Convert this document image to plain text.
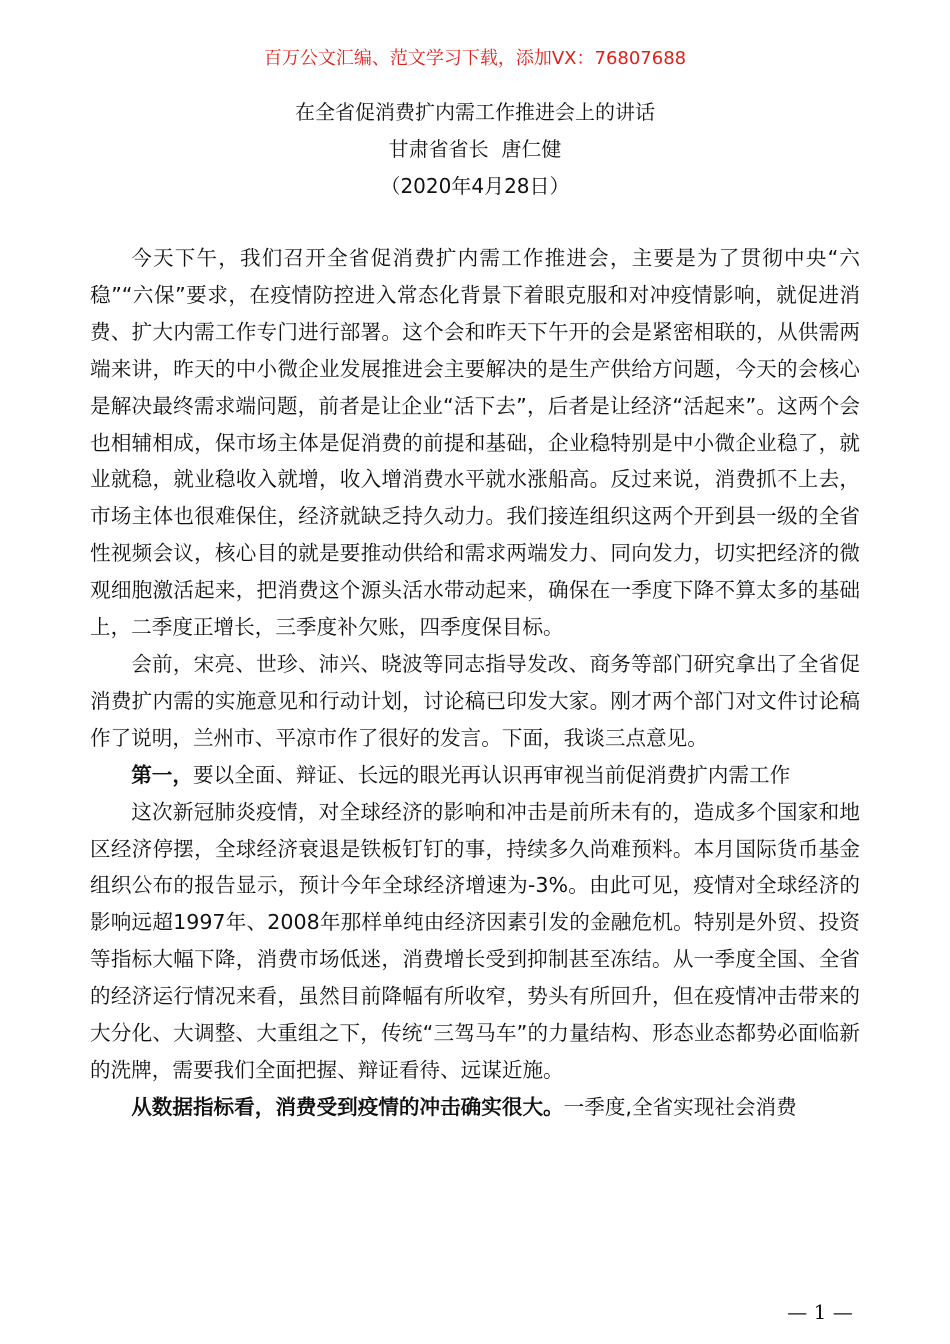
百万公文汇编、范文学习下载，添加VX：76807688
在全省促消费扩内需工作推进会上的讲话
甘肃省省长  唐仁健
（2020年4月28日）

今天下午，我们召开全省促消费扩内需工作推进会，主要是为了贯彻中央“六稳”“六保”要求，在疫情防控进入常态化背景下着眼克服和对冲疫情影响，就促进消费、扩大内需工作专门进行部署。这个会和昨天下午开的会是紧密相联的，从供需两端来讲，昨天的中小微企业发展推进会主要解决的是生产供给方问题，今天的会核心是解决最终需求端问题，前者是让企业“活下去”，后者是让经济“活起来”。这两个会也相辅相成，保市场主体是促消费的前提和基础，企业稳特别是中小微企业稳了，就业就稳，就业稳收入就增，收入增消费水平就水涨船高。反过来说，消费抓不上去，市场主体也很难保住，经济就缺乏持久动力。我们接连组织这两个开到县一级的全省性视频会议，核心目的就是要推动供给和需求两端发力、同向发力，切实把经济的微观细胞激活起来，把消费这个源头活水带动起来，确保在一季度下降不算太多的基础上，二季度正增长，三季度补欠账，四季度保目标。

会前，宋亮、世珍、沛兴、晓波等同志指导发改、商务等部门研究拿出了全省促消费扩内需的实施意见和行动计划，讨论稿已印发大家。刚才两个部门对文件讨论稿作了说明，兰州市、平凉市作了很好的发言。下面，我谈三点意见。

第一，要以全面、辩证、长远的眼光再认识再审视当前促消费扩内需工作

这次新冠肺炎疫情，对全球经济的影响和冲击是前所未有的，造成多个国家和地区经济停摆，全球经济衰退是铁板钉钉的事，持续多久尚难预料。本月国际货币基金组织公布的报告显示，预计今年全球经济增速为-3%。由此可见，疫情对全球经济的影响远超1997年、2008年那样单纯由经济因素引发的金融危机。特别是外贸、投资等指标大幅下降，消费市场低迷，消费增长受到抑制甚至冻结。从一季度全国、全省的经济运行情况来看，虽然目前降幅有所收窄，势头有所回升，但在疫情冲击带来的大分化、大调整、大重组之下，传统“三驾马车”的力量结构、形态业态都势必面临新的洗牌，需要我们全面把握、辩证看待、远谋近施。

从数据指标看，消费受到疫情的冲击确实很大。一季度,全省实现社会消费

— 1 —
